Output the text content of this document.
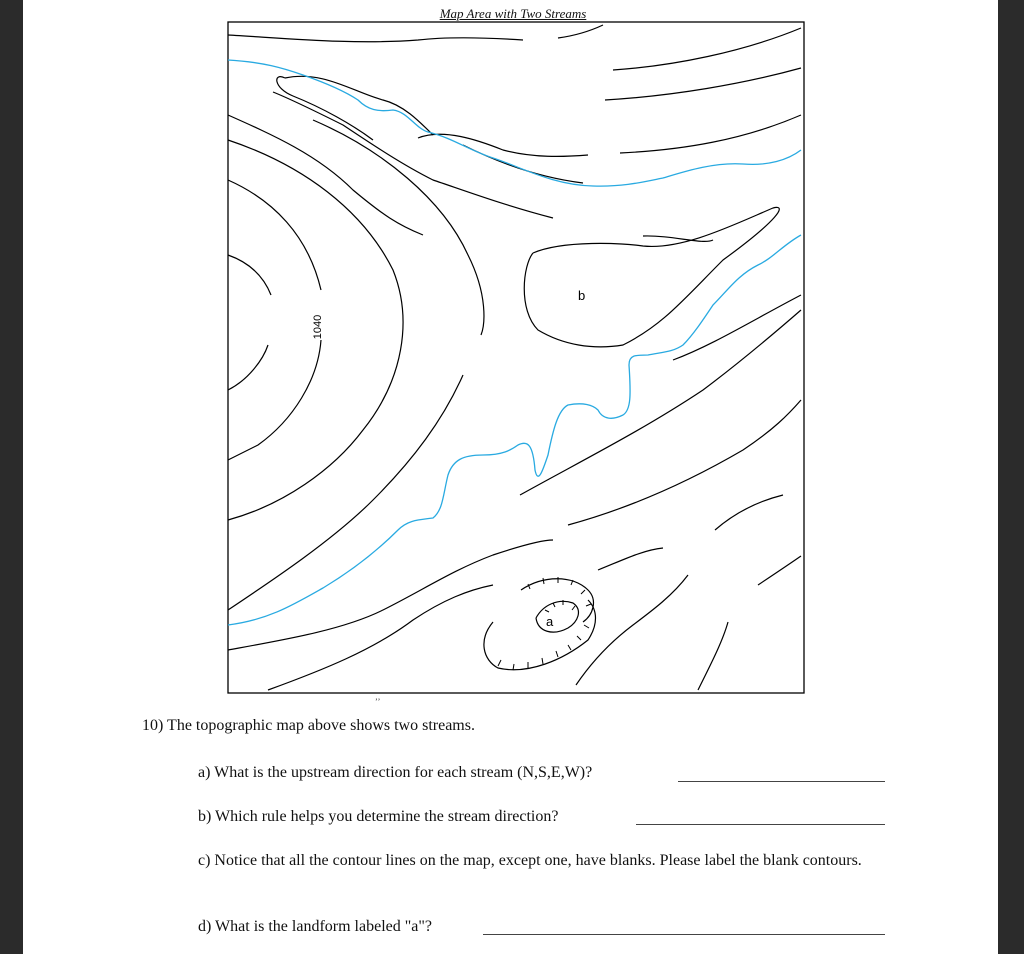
Map Area with Two Streams
1040
b
a
ʼʼ
10) The topographic map above shows two streams.
a) What is the upstream direction for each stream (N,S,E,W)?
b) Which rule helps you determine the stream direction?
c) Notice that all the contour lines on the map, except one, have blanks. Please label the blank contours.
d) What is the landform labeled "a"?
